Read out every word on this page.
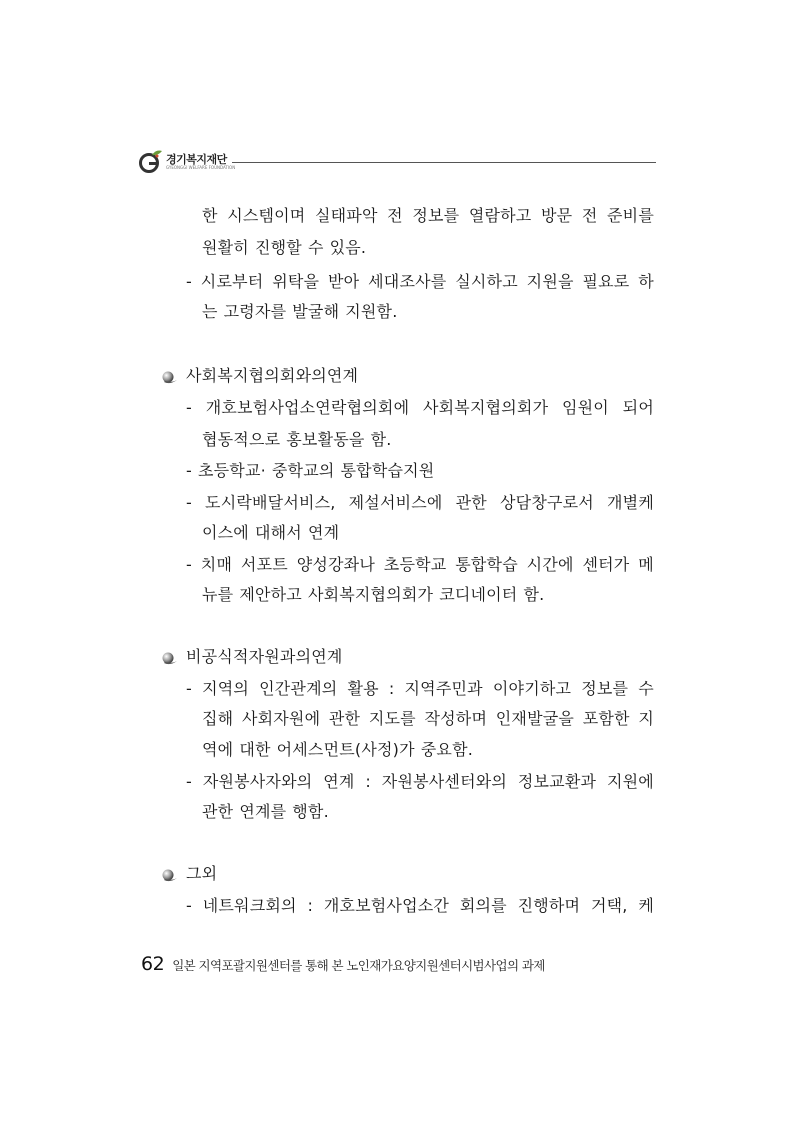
경기복지재단
GYEONGGI WELFARE FOUNDATION
한 시스템이며 실태파악 전 정보를 열람하고 방문 전 준비를
원활히 진행할 수 있음.
- 시로부터 위탁을 받아 세대조사를 실시하고 지원을 필요로 하
는 고령자를 발굴해 지원함.
사회복지협의회와의 연계
- 개호보험사업소연락협의회에 사회복지협의회가 임원이 되어
협동적으로 홍보활동을 함.
- 초등학교· 중학교의 통합학습지원
- 도시락배달서비스, 제설서비스에 관한 상담창구로서 개별케
이스에 대해서 연계
- 치매 서포트 양성강좌나 초등학교 통합학습 시간에 센터가 메
뉴를 제안하고 사회복지협의회가 코디네이터 함.
비공식적 자원과의 연계
- 지역의 인간관계의 활용 : 지역주민과 이야기하고 정보를 수
집해 사회자원에 관한 지도를 작성하며 인재발굴을 포함한 지
역에 대한 어세스먼트(사정)가 중요함.
- 자원봉사자와의 연계 : 자원봉사센터와의 정보교환과 지원에
관한 연계를 행함.
그 외
- 네트워크회의 : 개호보험사업소간 회의를 진행하며 거택, 케
62 일본 지역포괄지원센터를 통해 본 노인재가요양지원센터시범사업의 과제
